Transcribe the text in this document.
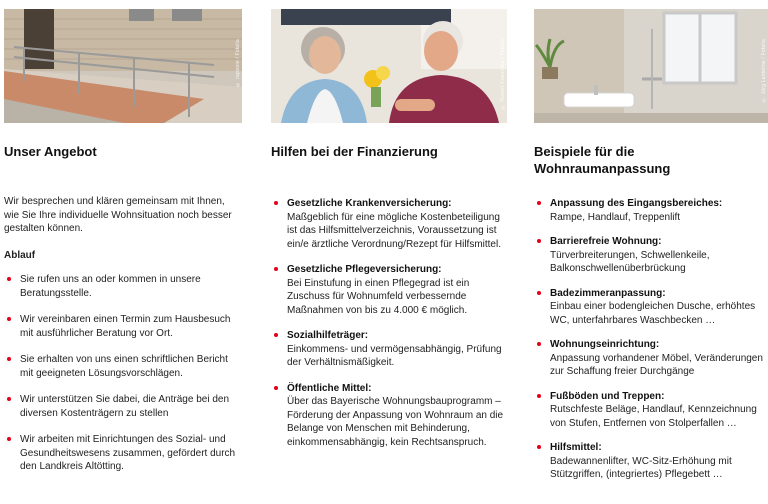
© rapixxie / Fotolia
Unser Angebot

Wir besprechen und klären gemeinsam mit Ihnen, wie Sie Ihre individuelle Wohnsituation noch besser gestalten können.

Ablauf
Sie rufen uns an oder kommen in unsere Beratungsstelle.
Wir vereinbaren einen Termin zum Hausbesuch mit ausführlicher Beratung vor Ort.
Sie erhalten von uns einen schriftlichen Bericht mit geeigneten Lösungsvorschlägen.
Wir unterstützen Sie dabei, die Anträge bei den diversen Kostenträgern zu stellen
Wir arbeiten mit Einrichtungen des Sozial- und Gesundheitswesens zusammen, gefördert durch den Landkreis Altötting.
© Robert Kneschke / Fotolia
Hilfen bei der Finanzierung
Gesetzliche Krankenversicherung:
Maßgeblich für eine mögliche Kostenbeteiligung ist das Hilfsmittelverzeichnis, Voraussetzung ist ein/e ärztliche Verordnung/Rezept für Hilfsmittel.
Gesetzliche Pflegeversicherung:
Bei Einstufung in einen Pflegegrad ist ein Zuschuss für Wohnumfeld verbessernde Maßnahmen von bis zu 4.000 € möglich.
Sozialhilfeträger:
Einkommens- und vermögensabhängig, Prüfung der Verhältnismäßigkeit.
Öffentliche Mittel:
Über das Bayerische Wohnungsbauprogramm – Förderung der Anpassung von Wohnraum an die Belange von Menschen mit Behinderung, einkommensabhängig, kein Rechtsanspruch.
© Jörg Lantelme / Fotolia
Beispiele für die Wohnraumanpassung
Anpassung des Eingangsbereiches:
Rampe, Handlauf, Treppenlift
Barrierefreie Wohnung:
Türverbreiterungen, Schwellenkeile, Balkonschwellenüberbrückung
Badezimmeranpassung:
Einbau einer bodengleichen Dusche, erhöhtes WC, unterfahrbares Waschbecken …
Wohnungseinrichtung:
Anpassung vorhandener Möbel, Veränderungen zur Schaffung freier Durchgänge
Fußböden und Treppen:
Rutschfeste Beläge, Handlauf, Kennzeichnung von Stufen, Entfernen von Stolperfallen …
Hilfsmittel:
Badewannenlifter, WC-Sitz-Erhöhung mit Stützgriffen, (integriertes) Pflegebett …
